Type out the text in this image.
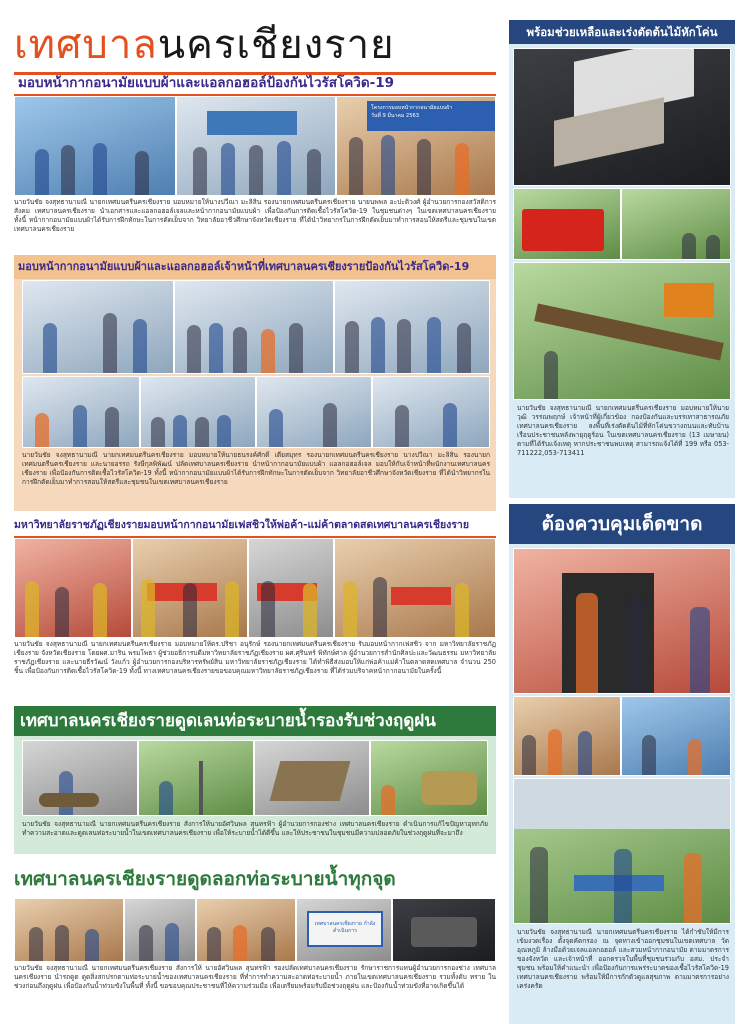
เทศบาลนครเชียงราย
มอบหน้ากากอนามัยแบบผ้าและแอลกอฮอล์ป้องกันไวรัสโควิด-19
โครงการมอบหน้ากากอนามัยแบบผ้า
วันที่ 9 มีนาคม 2563
นายวันชัย จงสุทธานามณี นายกเทศมนตรีนครเชียงราย มอบหมายให้นางปวีณา มะลิสิน รองนายกเทศมนตรีนครเชียงราย นายนพพล อะปะติวงศ์ ผู้อำนวยการกองสวัสดิการสังคม เทศบาลนครเชียงราย นำเอกสารและแอลกอฮอล์เจลและหน้ากากอนามัยแบบผ้า เพื่อป้องกันการติดเชื้อไวรัสโควิด-19 ในชุมชนต่างๆ ในเขตเทศบาลนครเชียงราย ทั้งนี้ หน้ากากอนามัยแบบผ้าได้รับการฝึกทักษะในการตัดเย็บจาก วิทยาลัยอาชีวศึกษาจังหวัดเชียงราย ที่ได้นำวิทยากรในการฝึกตัดเย็บมาทำการสอนให้สตรีและชุมชนในเขตเทศบาลนครเชียงราย
มอบหน้ากากอนามัยแบบผ้าและแอลกอฮอล์เจ้าหน้าที่เทศบาลนครเชียงรายป้องกันไวรัสโควิด-19
นายวันชัย จงสุทธานามณี นายกเทศมนตรีนครเชียงราย มอบหมายให้นายธนรงค์ศักดิ์ เตียสมุทร รองนายกเทศมนตรีนครเชียงราย นางปวีณา มะลิสิน รองนายกเทศมนตรีนครเชียงราย และนายอรรถ รังษีกุลพิพัฒน์ ปลัดเทศบาลนครเชียงราย นำหน้ากากอนามัยแบบผ้า แอลกอฮอล์เจล มอบให้กับเจ้าหน้าที่พนักงานเทศบาลนครเชียงราย เพื่อป้องกันการติดเชื้อไวรัสโควิด-19 ทั้งนี้ หน้ากากอนามัยแบบผ้าได้รับการฝึกทักษะในการตัดเย็บจาก วิทยาลัยอาชีวศึกษาจังหวัดเชียงราย ที่ได้นำวิทยากรในการฝึกตัดเย็บมาทำการสอนให้สตรีและชุมชนในเขตเทศบาลนครเชียงราย
มหาวิทยาลัยราชภัฏเชียงรายมอบหน้ากากอนามัยเฟสชิวให้พ่อค้า-แม่ค้าตลาดสดเทศบาลนครเชียงราย
นายวันชัย จงสุทธานามณี นายกเทศมนตรีนครเชียงราย มอบหมายให้ดร.ปริชา อนุรักษ์ รองนายกเทศมนตรีนครเชียงราย รับมอบหน้ากากเฟสชิว จาก มหาวิทยาลัยราชภัฏเชียงราย จังหวัดเชียงราย โดยผศ.มาริน พรมโพธา ผู้ช่วยอธิการบดีมหาวิทยาลัยราชภัฏเชียงราย ผศ.ศุรินทร์ พิทักษ์ศาล ผู้อำนวยการสำนักศิลปะและวัฒนธรรม มหาวิทยาลัยราชภัฏเชียงราย และนายธีรวัฒน์ วังแก้ว ผู้อำนวยการกองบริหารทรัพย์สิน มหาวิทยาลัยราชภัฏเชียงราย ได้ทำพิธีส่งมอบให้แก่พ่อค้าแม่ค้าในตลาดสดเทศบาล จำนวน 250 ชิ้น เพื่อป้องกันการติดเชื้อไวรัสโควิด-19 ทั้งนี้ ทางเทศบาลนครเชียงรายขอขอบคุณมหาวิทยาลัยราชภัฏเชียงราย ที่ได้ร่วมบริจาคหน้ากากอนามัยในครั้งนี้
เทศบาลนครเชียงรายดูดเลนท่อระบายน้ำรองรับช่วงฤดูฝน
นายวันชัย จงสุทธานามณี นายกเทศมนตรีนครเชียงราย สั่งการให้นายอัศวินพล สุนทรฟ้า ผู้อำนวยการกองช่าง เทศบาลนครเชียงราย ดำเนินการแก้ไขปัญหาอุทกภัย ทำความสะอาดและดูดเลนท่อระบายน้ำในเขตเทศบาลนครเชียงราย เพื่อให้ระบายน้ำได้ดีขึ้น และให้ประชาชนในชุมชนมีความปลอดภัยในช่วงฤดูฝนที่จะมาถึง
เทศบาลนครเชียงรายดูดลอกท่อระบายน้ำทุกจุด
เทศบาลนครเชียงราย กำลังดำเนินการ
นายวันชัย จงสุทธานามณี นายกเทศมนตรีนครเชียงราย สั่งการให้ นายอัศวินพล สุนทรฟ้า รองปลัดเทศบาลนครเชียงราย รักษาราชการแทนผู้อำนวยการกองช่าง เทศบาลนครเชียงราย นำรถดูด ดูดสิ่งสกปรกตามท่อระบายน้ำของเทศบาลนครเชียงราย ที่ทำการทำความสะอาดท่อระบายน้ำ ภายในเขตเทศบาลนครเชียงราย รวมทั้งดับ ทราย ในช่วงก่อนถึงฤดูฝน เพื่อป้องกันน้ำท่วมขังในพื้นที่ ทั้งนี้ ขอขอบคุณประชาชนที่ให้ความร่วมมือ เพื่อเตรียมพร้อมรับมือช่วงฤดูฝน และป้องกันน้ำท่วมขังที่อาจเกิดขึ้นได้
พร้อมช่วยเหลือและเร่งตัดต้นไม้หักโค่น
นายวันชัย จงสุทธานามณี นายกเทศมนตรีนครเชียงราย มอบหมายให้นายวุฒิ วรรณพฤกษ์ เจ้าหน้าที่ผู้เกี่ยวข้อง กองป้องกันและบรรเทาสาธารณภัย เทศบาลนครเชียงราย ลงพื้นที่เร่งตัดต้นไม้ที่หักโค่นขวางถนนและทับบ้านเรือนประชาชนหลังพายุฤดูร้อน ในเขตเทศบาลนครเชียงราย (13 เมษายน) ตามที่ได้รับแจ้งเหตุ หากประชาชนพบเหตุ สามารถแจ้งได้ที่ 199 หรือ 053-711222,053-713411
ต้องควบคุมเด็ดขาด
นายวันชัย จงสุทธานามณี นายกเทศมนตรีนครเชียงราย ได้กำชับให้มีการเข้มงวดเรื่อง ตั้งจุดคัดกรอง ณ จุดทางเข้าออกชุมชนในเขตเทศบาล วัดอุณหภูมิ ล้างมือด้วยเจลแอลกอฮอล์ และสวมหน้ากากอนามัย ตามมาตรการของจังหวัด และเจ้าหน้าที่ ออกตรวจในพื้นที่ชุมชนร่วมกับ อสม. ประจำชุมชน พร้อมให้คำแนะนำ เพื่อป้องกันการแพร่ระบาดของเชื้อไวรัสโควิด-19 เทศบาลนครเชียงราย พร้อมให้มีการกักตัวดูแลสุขภาพ ตามมาตรการอย่างเคร่งครัด
